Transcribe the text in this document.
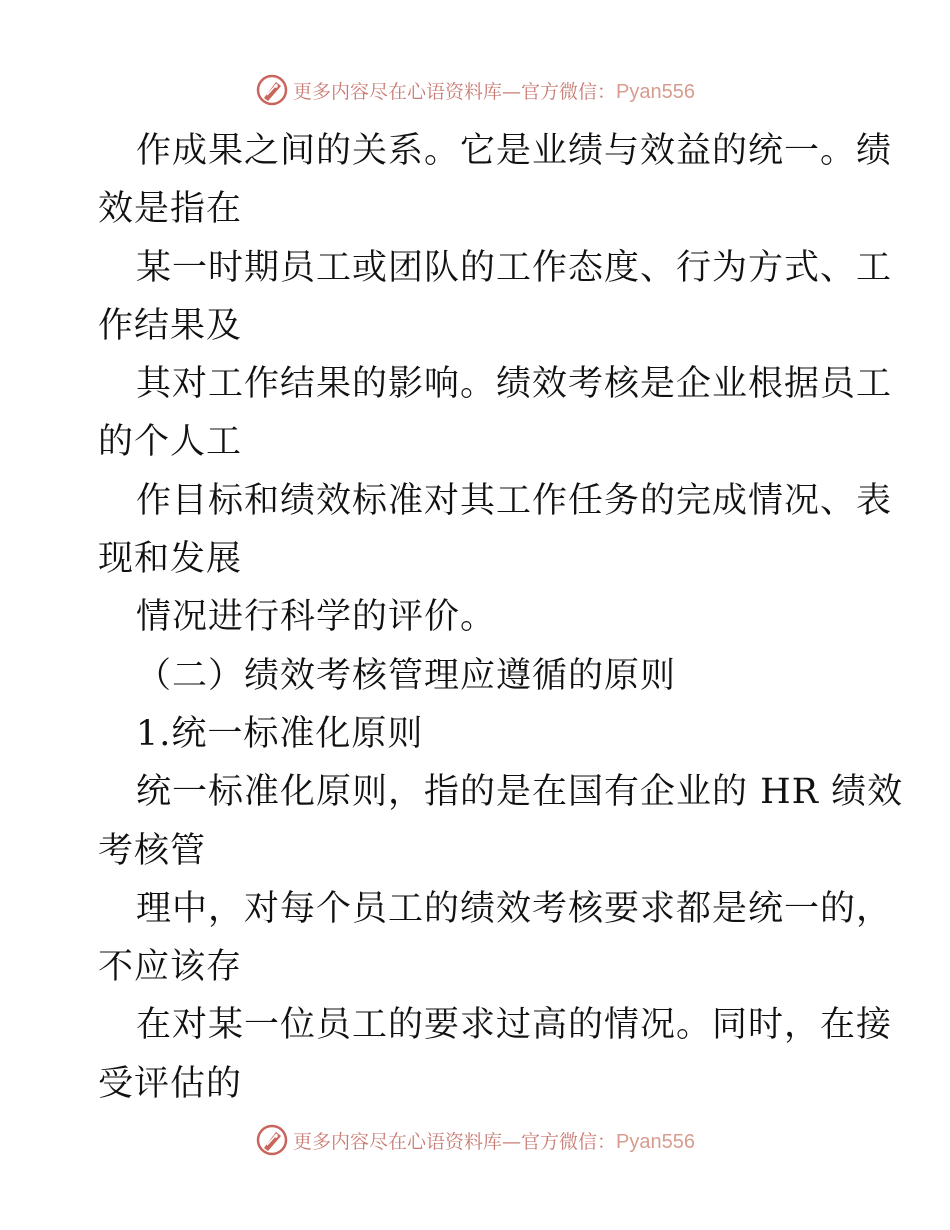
更多内容尽在心语资料库—官方微信：Pyan556
作成果之间的关系。它是业绩与效益的统一。绩
效是指在
某一时期员工或团队的工作态度、行为方式、工
作结果及
其对工作结果的影响。绩效考核是企业根据员工
的个人工
作目标和绩效标准对其工作任务的完成情况、表
现和发展
情况进行科学的评价。
（二）绩效考核管理应遵循的原则
1.统一标准化原则
统一标准化原则，指的是在国有企业的 HR 绩效
考核管
理中，对每个员工的绩效考核要求都是统一的，
不应该存
在对某一位员工的要求过高的情况。同时，在接
受评估的
更多内容尽在心语资料库—官方微信：Pyan556
